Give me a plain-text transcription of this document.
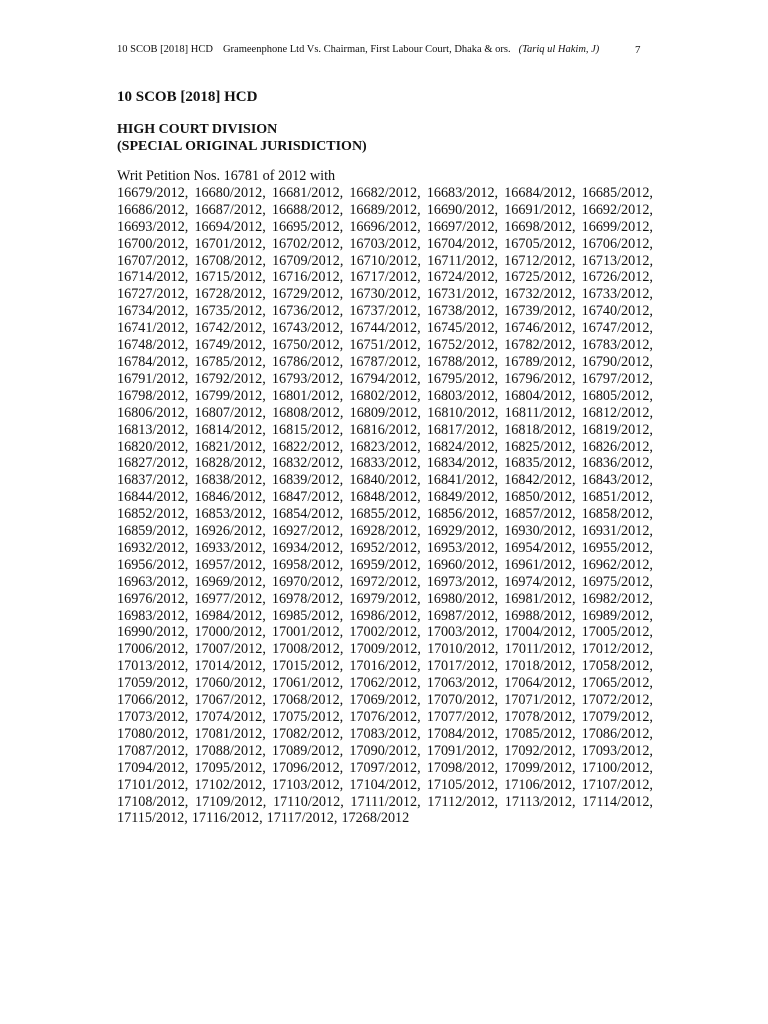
10 SCOB [2018] HCD Grameenphone Ltd Vs. Chairman, First Labour Court, Dhaka & ors. (Tariq ul Hakim, J)	7
10 SCOB [2018] HCD
HIGH COURT DIVISION
(SPECIAL ORIGINAL JURISDICTION)
Writ Petition Nos. 16781 of 2012 with
16679/2012, 16680/2012, 16681/2012, 16682/2012, 16683/2012, 16684/2012, 16685/2012,
16686/2012, 16687/2012, 16688/2012, 16689/2012, 16690/2012, 16691/2012, 16692/2012,
16693/2012, 16694/2012, 16695/2012, 16696/2012, 16697/2012, 16698/2012, 16699/2012,
16700/2012, 16701/2012, 16702/2012, 16703/2012, 16704/2012, 16705/2012, 16706/2012,
16707/2012, 16708/2012, 16709/2012, 16710/2012, 16711/2012, 16712/2012, 16713/2012,
16714/2012, 16715/2012, 16716/2012, 16717/2012, 16724/2012, 16725/2012, 16726/2012,
16727/2012, 16728/2012, 16729/2012, 16730/2012, 16731/2012, 16732/2012, 16733/2012,
16734/2012, 16735/2012, 16736/2012, 16737/2012, 16738/2012, 16739/2012, 16740/2012,
16741/2012, 16742/2012, 16743/2012, 16744/2012, 16745/2012, 16746/2012, 16747/2012,
16748/2012, 16749/2012, 16750/2012, 16751/2012, 16752/2012, 16782/2012, 16783/2012,
16784/2012, 16785/2012, 16786/2012, 16787/2012, 16788/2012, 16789/2012, 16790/2012,
16791/2012, 16792/2012, 16793/2012, 16794/2012, 16795/2012, 16796/2012, 16797/2012,
16798/2012, 16799/2012, 16801/2012, 16802/2012, 16803/2012, 16804/2012, 16805/2012,
16806/2012, 16807/2012, 16808/2012, 16809/2012, 16810/2012, 16811/2012, 16812/2012,
16813/2012, 16814/2012, 16815/2012, 16816/2012, 16817/2012, 16818/2012, 16819/2012,
16820/2012, 16821/2012, 16822/2012, 16823/2012, 16824/2012, 16825/2012, 16826/2012,
16827/2012, 16828/2012, 16832/2012, 16833/2012, 16834/2012, 16835/2012, 16836/2012,
16837/2012, 16838/2012, 16839/2012, 16840/2012, 16841/2012, 16842/2012, 16843/2012,
16844/2012, 16846/2012, 16847/2012, 16848/2012, 16849/2012, 16850/2012, 16851/2012,
16852/2012, 16853/2012, 16854/2012, 16855/2012, 16856/2012, 16857/2012, 16858/2012,
16859/2012, 16926/2012, 16927/2012, 16928/2012, 16929/2012, 16930/2012, 16931/2012,
16932/2012, 16933/2012, 16934/2012, 16952/2012, 16953/2012, 16954/2012, 16955/2012,
16956/2012, 16957/2012, 16958/2012, 16959/2012, 16960/2012, 16961/2012, 16962/2012,
16963/2012, 16969/2012, 16970/2012, 16972/2012, 16973/2012, 16974/2012, 16975/2012,
16976/2012, 16977/2012, 16978/2012, 16979/2012, 16980/2012, 16981/2012, 16982/2012,
16983/2012, 16984/2012, 16985/2012, 16986/2012, 16987/2012, 16988/2012, 16989/2012,
16990/2012, 17000/2012, 17001/2012, 17002/2012, 17003/2012, 17004/2012, 17005/2012,
17006/2012, 17007/2012, 17008/2012, 17009/2012, 17010/2012, 17011/2012, 17012/2012,
17013/2012, 17014/2012, 17015/2012, 17016/2012, 17017/2012, 17018/2012, 17058/2012,
17059/2012, 17060/2012, 17061/2012, 17062/2012, 17063/2012, 17064/2012, 17065/2012,
17066/2012, 17067/2012, 17068/2012, 17069/2012, 17070/2012, 17071/2012, 17072/2012,
17073/2012, 17074/2012, 17075/2012, 17076/2012, 17077/2012, 17078/2012, 17079/2012,
17080/2012, 17081/2012, 17082/2012, 17083/2012, 17084/2012, 17085/2012, 17086/2012,
17087/2012, 17088/2012, 17089/2012, 17090/2012, 17091/2012, 17092/2012, 17093/2012,
17094/2012, 17095/2012, 17096/2012, 17097/2012, 17098/2012, 17099/2012, 17100/2012,
17101/2012, 17102/2012, 17103/2012, 17104/2012, 17105/2012, 17106/2012, 17107/2012,
17108/2012, 17109/2012, 17110/2012, 17111/2012, 17112/2012, 17113/2012, 17114/2012,
17115/2012, 17116/2012, 17117/2012, 17268/2012
